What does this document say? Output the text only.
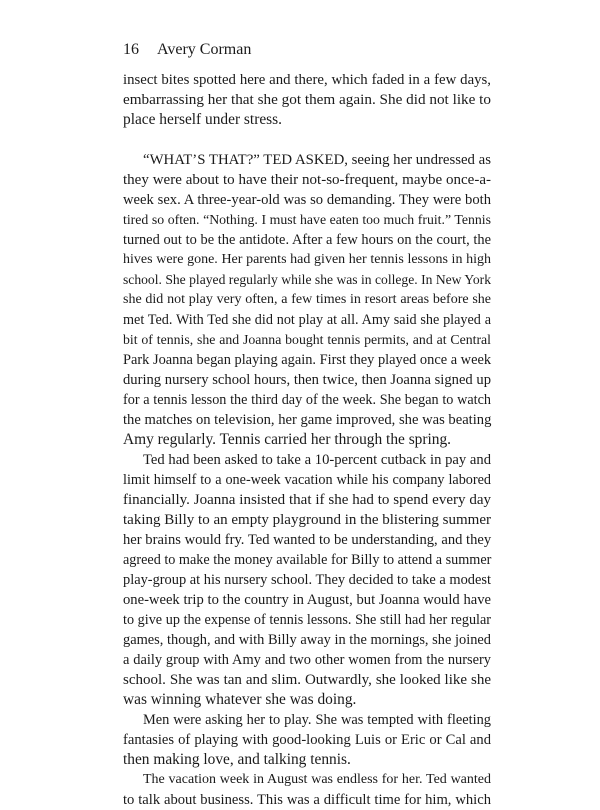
16 Avery Corman

insect bites spotted here and there, which faded in a few days,
embarrassing her that she got them again. She did not like to
place herself under stress.

“WHAT’S THAT?” TED ASKED, seeing her undressed as
they were about to have their not-so-frequent, maybe once-a-
week sex. A three-year-old was so demanding. They were both
tired so often. “Nothing. I must have eaten too much fruit.” Tennis
turned out to be the antidote. After a few hours on the court, the
hives were gone. Her parents had given her tennis lessons in high
school. She played regularly while she was in college. In New York
she did not play very often, a few times in resort areas before she
met Ted. With Ted she did not play at all. Amy said she played a
bit of tennis, she and Joanna bought tennis permits, and at Central
Park Joanna began playing again. First they played once a week
during nursery school hours, then twice, then Joanna signed up
for a tennis lesson the third day of the week. She began to watch
the matches on television, her game improved, she was beating
Amy regularly. Tennis carried her through the spring.

Ted had been asked to take a 10-percent cutback in pay and
limit himself to a one-week vacation while his company labored
financially. Joanna insisted that if she had to spend every day
taking Billy to an empty playground in the blistering summer
her brains would fry. Ted wanted to be understanding, and they
agreed to make the money available for Billy to attend a summer
play-group at his nursery school. They decided to take a modest
one-week trip to the country in August, but Joanna would have
to give up the expense of tennis lessons. She still had her regular
games, though, and with Billy away in the mornings, she joined
a daily group with Amy and two other women from the nursery
school. She was tan and slim. Outwardly, she looked like she
was winning whatever she was doing.

Men were asking her to play. She was tempted with fleeting
fantasies of playing with good-looking Luis or Eric or Cal and
then making love, and talking tennis.

The vacation week in August was endless for her. Ted wanted
to talk about business. This was a difficult time for him, which
